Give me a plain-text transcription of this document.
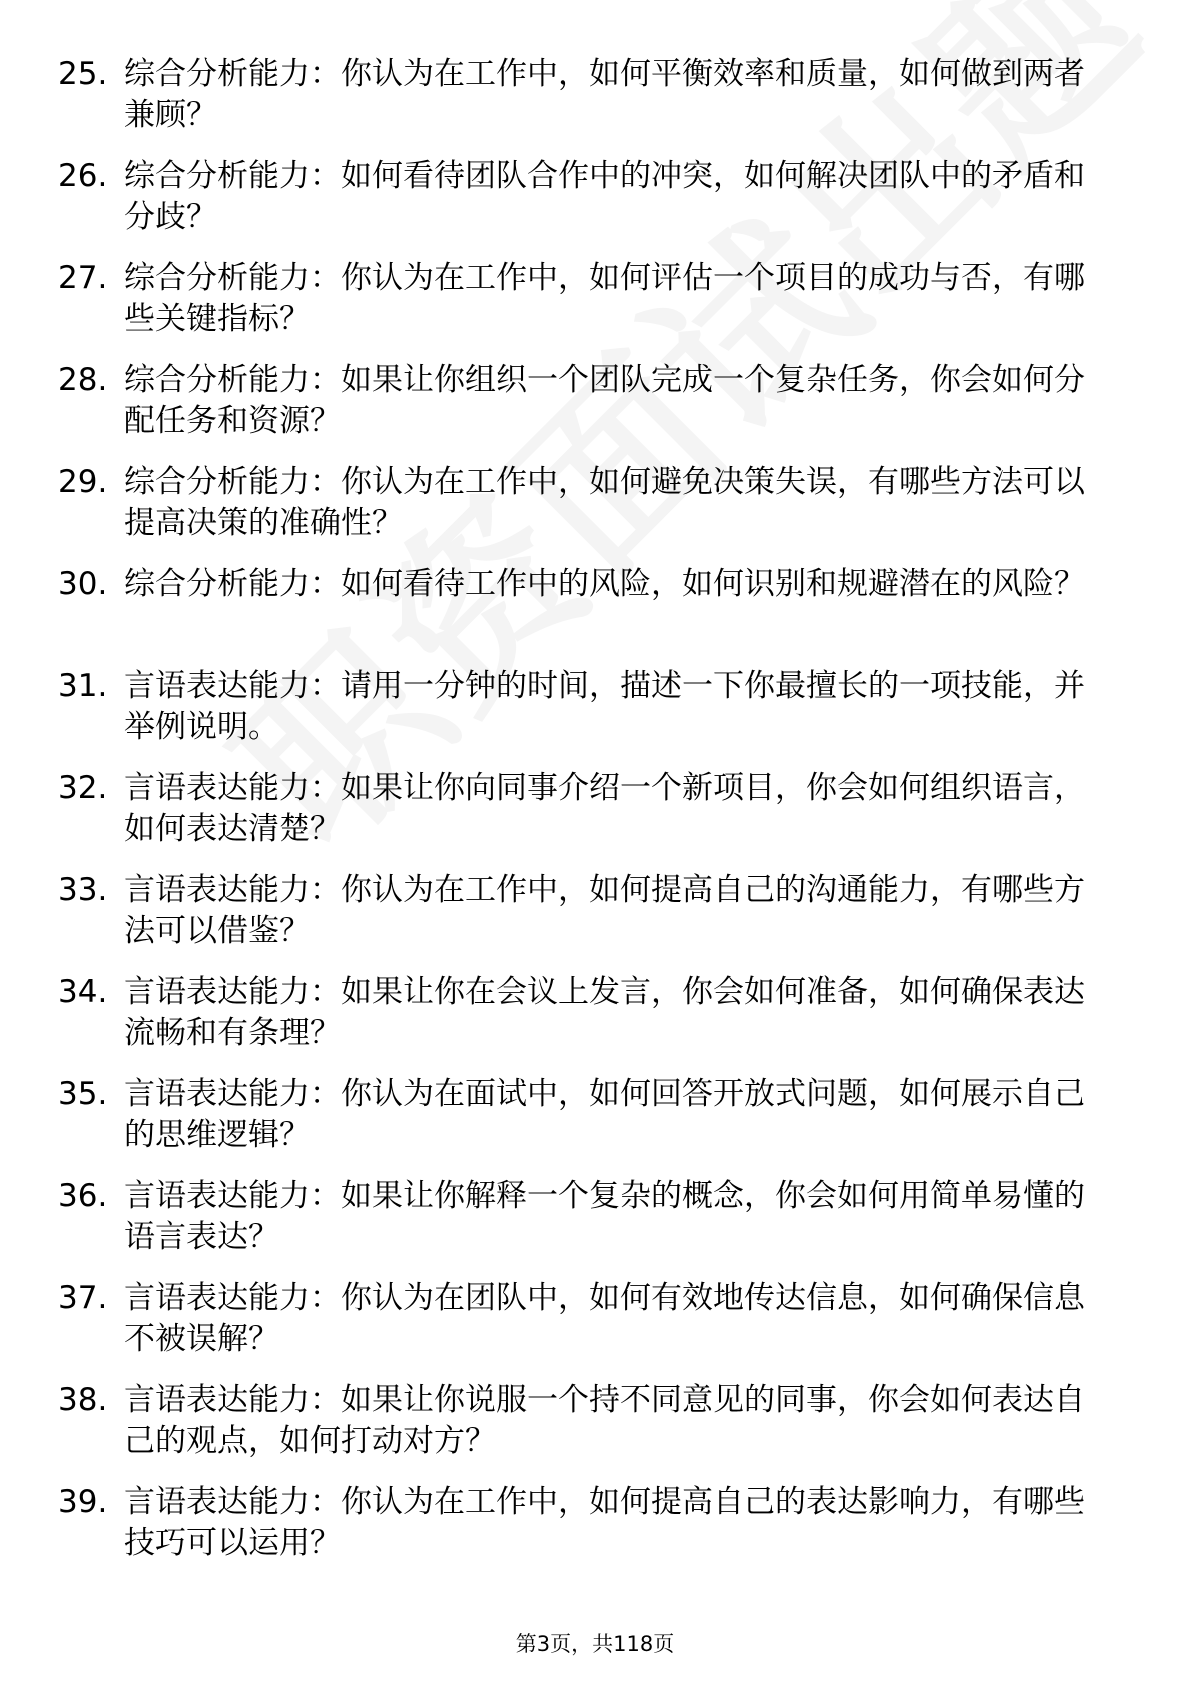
25. 综合分析能力：你认为在工作中，如何平衡效率和质量，如何做到两者兼顾？
26. 综合分析能力：如何看待团队合作中的冲突，如何解决团队中的矛盾和分歧？
27. 综合分析能力：你认为在工作中，如何评估一个项目的成功与否，有哪些关键指标？
28. 综合分析能力：如果让你组织一个团队完成一个复杂任务，你会如何分配任务和资源？
29. 综合分析能力：你认为在工作中，如何避免决策失误，有哪些方法可以提高决策的准确性？
30. 综合分析能力：如何看待工作中的风险，如何识别和规避潜在的风险？
31. 言语表达能力：请用一分钟的时间，描述一下你最擅长的一项技能，并举例说明。
32. 言语表达能力：如果让你向同事介绍一个新项目，你会如何组织语言，如何表达清楚？
33. 言语表达能力：你认为在工作中，如何提高自己的沟通能力，有哪些方法可以借鉴？
34. 言语表达能力：如果让你在会议上发言，你会如何准备，如何确保表达流畅和有条理？
35. 言语表达能力：你认为在面试中，如何回答开放式问题，如何展示自己的思维逻辑？
36. 言语表达能力：如果让你解释一个复杂的概念，你会如何用简单易懂的语言表达？
37. 言语表达能力：你认为在团队中，如何有效地传达信息，如何确保信息不被误解？
38. 言语表达能力：如果让你说服一个持不同意见的同事，你会如何表达自己的观点，如何打动对方？
39. 言语表达能力：你认为在工作中，如何提高自己的表达影响力，有哪些技巧可以运用？
第3页，共118页
